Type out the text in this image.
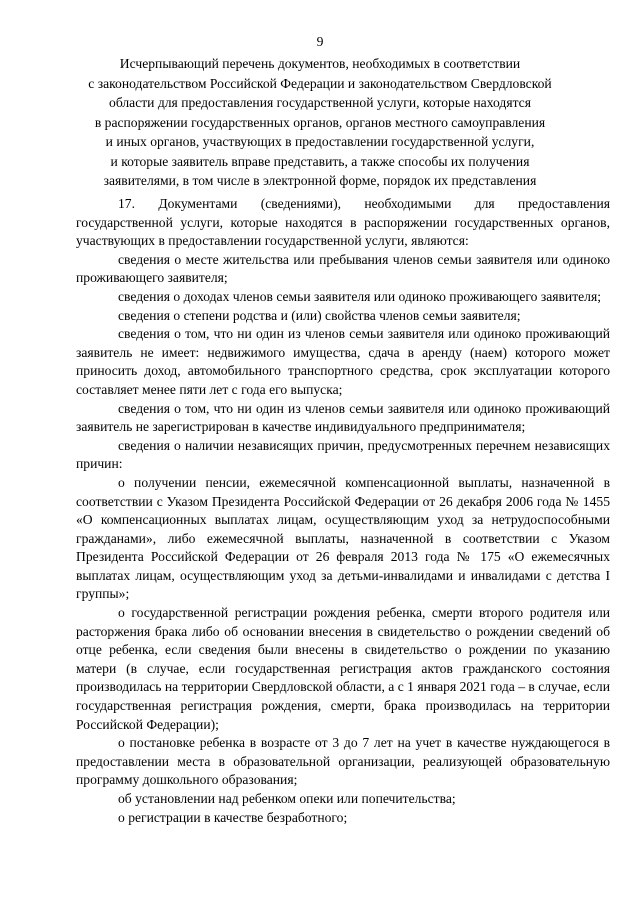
9
Исчерпывающий перечень документов, необходимых в соответствии
с законодательством Российской Федерации и законодательством Свердловской
области для предоставления государственной услуги, которые находятся
в распоряжении государственных органов, органов местного самоуправления
и иных органов, участвующих в предоставлении государственной услуги,
и которые заявитель вправе представить, а также способы их получения
заявителями, в том числе в электронной форме, порядок их представления

17. Документами (сведениями), необходимыми для предоставления государственной услуги, которые находятся в распоряжении государственных органов, участвующих в предоставлении государственной услуги, являются:

сведения о месте жительства или пребывания членов семьи заявителя или одиноко проживающего заявителя;

сведения о доходах членов семьи заявителя или одиноко проживающего заявителя;

сведения о степени родства и (или) свойства членов семьи заявителя;

сведения о том, что ни один из членов семьи заявителя или одиноко проживающий заявитель не имеет: недвижимого имущества, сдача в аренду (наем) которого может приносить доход, автомобильного транспортного средства, срок эксплуатации которого составляет менее пяти лет с года его выпуска;

сведения о том, что ни один из членов семьи заявителя или одиноко проживающий заявитель не зарегистрирован в качестве индивидуального предпринимателя;

сведения о наличии независящих причин, предусмотренных перечнем независящих причин:

о получении пенсии, ежемесячной компенсационной выплаты, назначенной в соответствии с Указом Президента Российской Федерации от 26 декабря 2006 года № 1455 «О компенсационных выплатах лицам, осуществляющим уход за нетрудоспособными гражданами», либо ежемесячной выплаты, назначенной в соответствии с Указом Президента Российской Федерации от 26 февраля 2013 года № 175 «О ежемесячных выплатах лицам, осуществляющим уход за детьми-инвалидами и инвалидами с детства I группы»;

о государственной регистрации рождения ребенка, смерти второго родителя или расторжения брака либо об основании внесения в свидетельство о рождении сведений об отце ребенка, если сведения были внесены в свидетельство о рождении по указанию матери (в случае, если государственная регистрация актов гражданского состояния производилась на территории Свердловской области, а с 1 января 2021 года – в случае, если государственная регистрация рождения, смерти, брака производилась на территории Российской Федерации);

о постановке ребенка в возрасте от 3 до 7 лет на учет в качестве нуждающегося в предоставлении места в образовательной организации, реализующей образовательную программу дошкольного образования;

об установлении над ребенком опеки или попечительства;

о регистрации в качестве безработного;
